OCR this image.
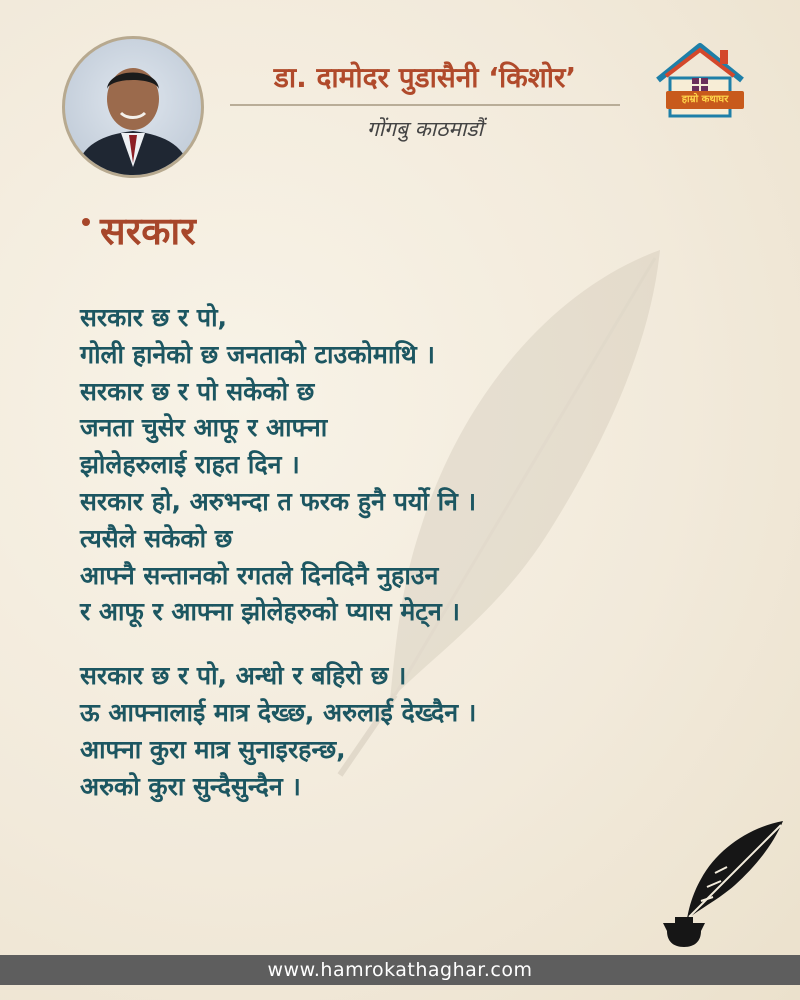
डा. दामोदर पुडासैनी ‘किशोर’
गोंगबु काठमाडौं
हाम्रो कथाघर
सरकार
सरकार छ र पो,
गोली हानेको छ जनताको टाउकोमाथि ।
सरकार छ र पो सकेको छ
जनता चुसेर आफू र आफ्ना
झोलेहरुलाई राहत दिन ।
सरकार हो, अरुभन्दा त फरक हुनै पर्यो नि ।
त्यसैले सकेको छ
आफ्नै सन्तानको रगतले दिनदिनै नुहाउन
र आफू र आफ्ना झोलेहरुको प्यास मेट्न ।
सरकार छ र पो, अन्धो र बहिरो छ ।
ऊ आफ्नालाई मात्र देख्छ, अरुलाई देख्दैन ।
आफ्ना कुरा मात्र सुनाइरहन्छ,
अरुको कुरा सुन्दैसुन्दैन ।
www.hamrokathaghar.com
